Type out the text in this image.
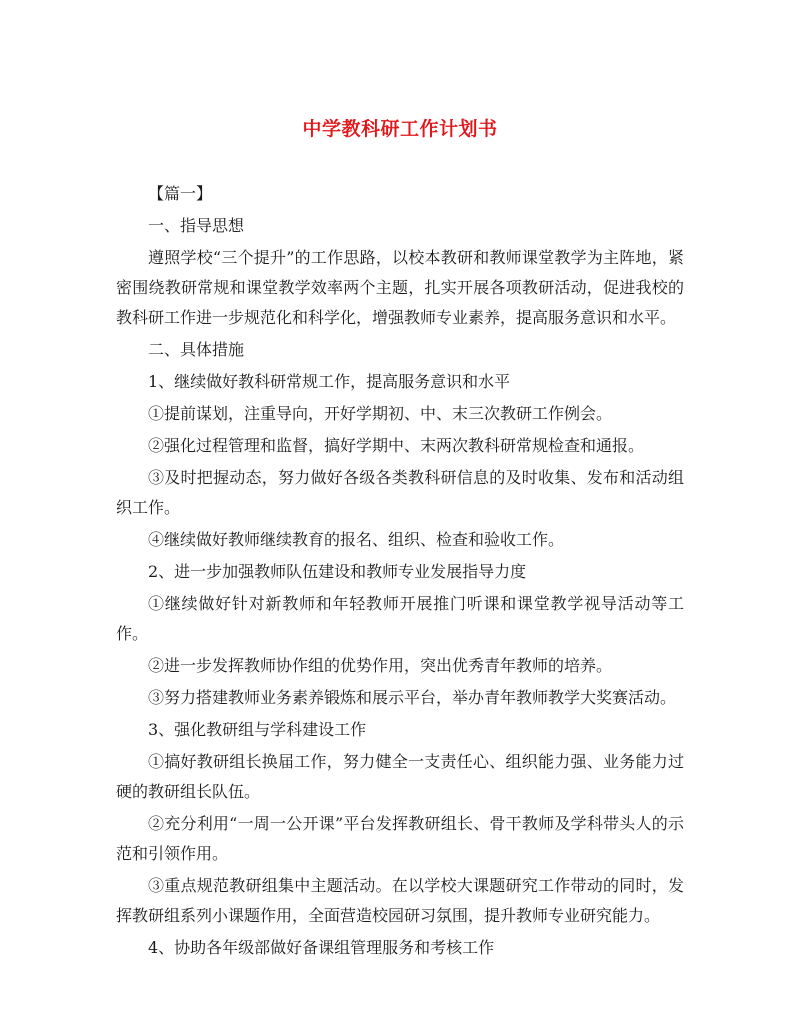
中学教科研工作计划书

【篇一】

一、指导思想

遵照学校“三个提升”的工作思路，以校本教研和教师课堂教学为主阵地，紧密围绕教研常规和课堂教学效率两个主题，扎实开展各项教研活动，促进我校的教科研工作进一步规范化和科学化，增强教师专业素养，提高服务意识和水平。

二、具体措施

1、继续做好教科研常规工作，提高服务意识和水平

①提前谋划，注重导向，开好学期初、中、末三次教研工作例会。

②强化过程管理和监督，搞好学期中、末两次教科研常规检查和通报。

③及时把握动态，努力做好各级各类教科研信息的及时收集、发布和活动组织工作。

④继续做好教师继续教育的报名、组织、检查和验收工作。

2、进一步加强教师队伍建设和教师专业发展指导力度

①继续做好针对新教师和年轻教师开展推门听课和课堂教学视导活动等工作。

②进一步发挥教师协作组的优势作用，突出优秀青年教师的培养。

③努力搭建教师业务素养锻炼和展示平台，举办青年教师教学大奖赛活动。

3、强化教研组与学科建设工作

①搞好教研组长换届工作，努力健全一支责任心、组织能力强、业务能力过硬的教研组长队伍。

②充分利用“一周一公开课”平台发挥教研组长、骨干教师及学科带头人的示范和引领作用。

③重点规范教研组集中主题活动。在以学校大课题研究工作带动的同时，发挥教研组系列小课题作用，全面营造校园研习氛围，提升教师专业研究能力。

4、协助各年级部做好备课组管理服务和考核工作
